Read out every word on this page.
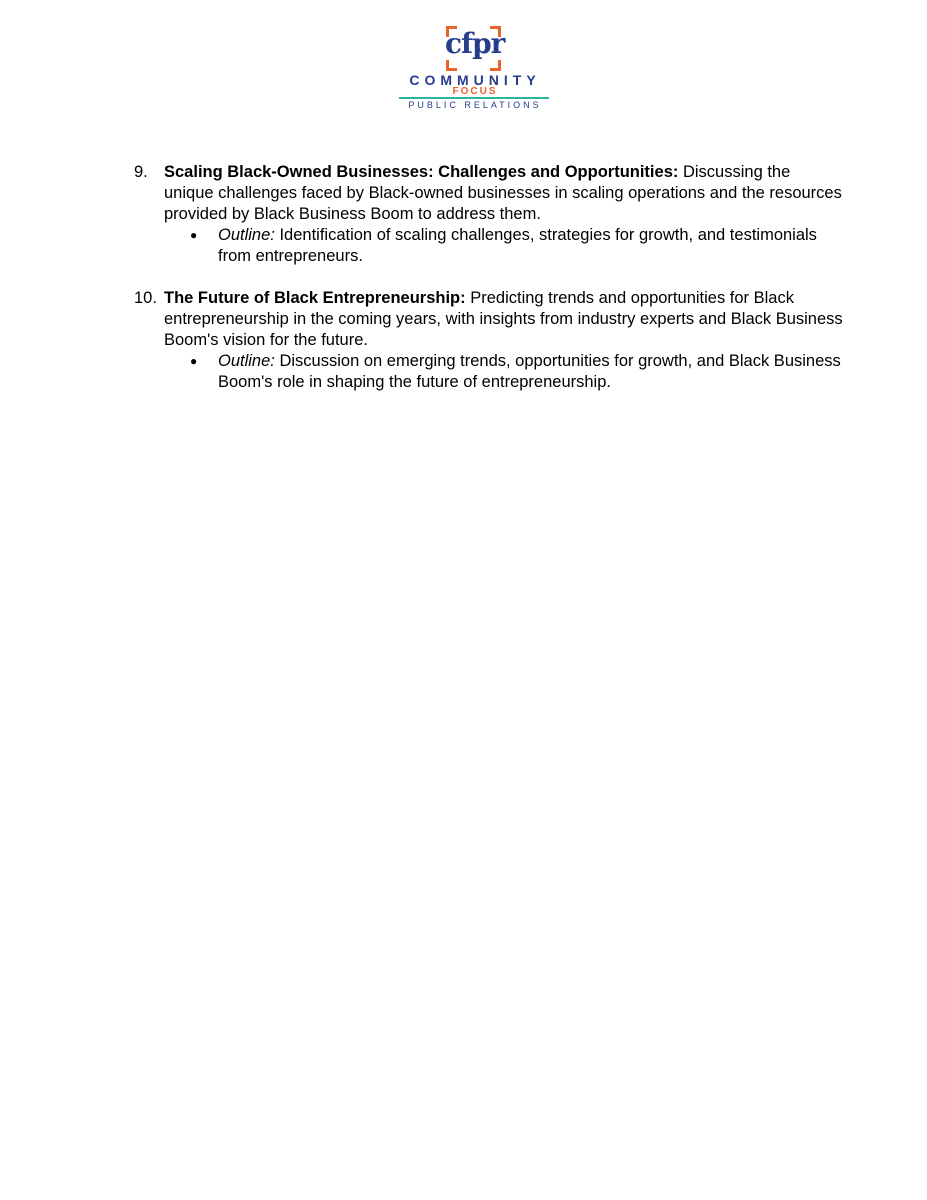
cfpr
COMMUNITY
FOCUS
PUBLIC RELATIONS
9. Scaling Black-Owned Businesses: Challenges and Opportunities: Discussing the unique challenges faced by Black-owned businesses in scaling operations and the resources provided by Black Business Boom to address them.
● Outline: Identification of scaling challenges, strategies for growth, and testimonials from entrepreneurs.
10. The Future of Black Entrepreneurship: Predicting trends and opportunities for Black entrepreneurship in the coming years, with insights from industry experts and Black Business Boom's vision for the future.
● Outline: Discussion on emerging trends, opportunities for growth, and Black Business Boom's role in shaping the future of entrepreneurship.
